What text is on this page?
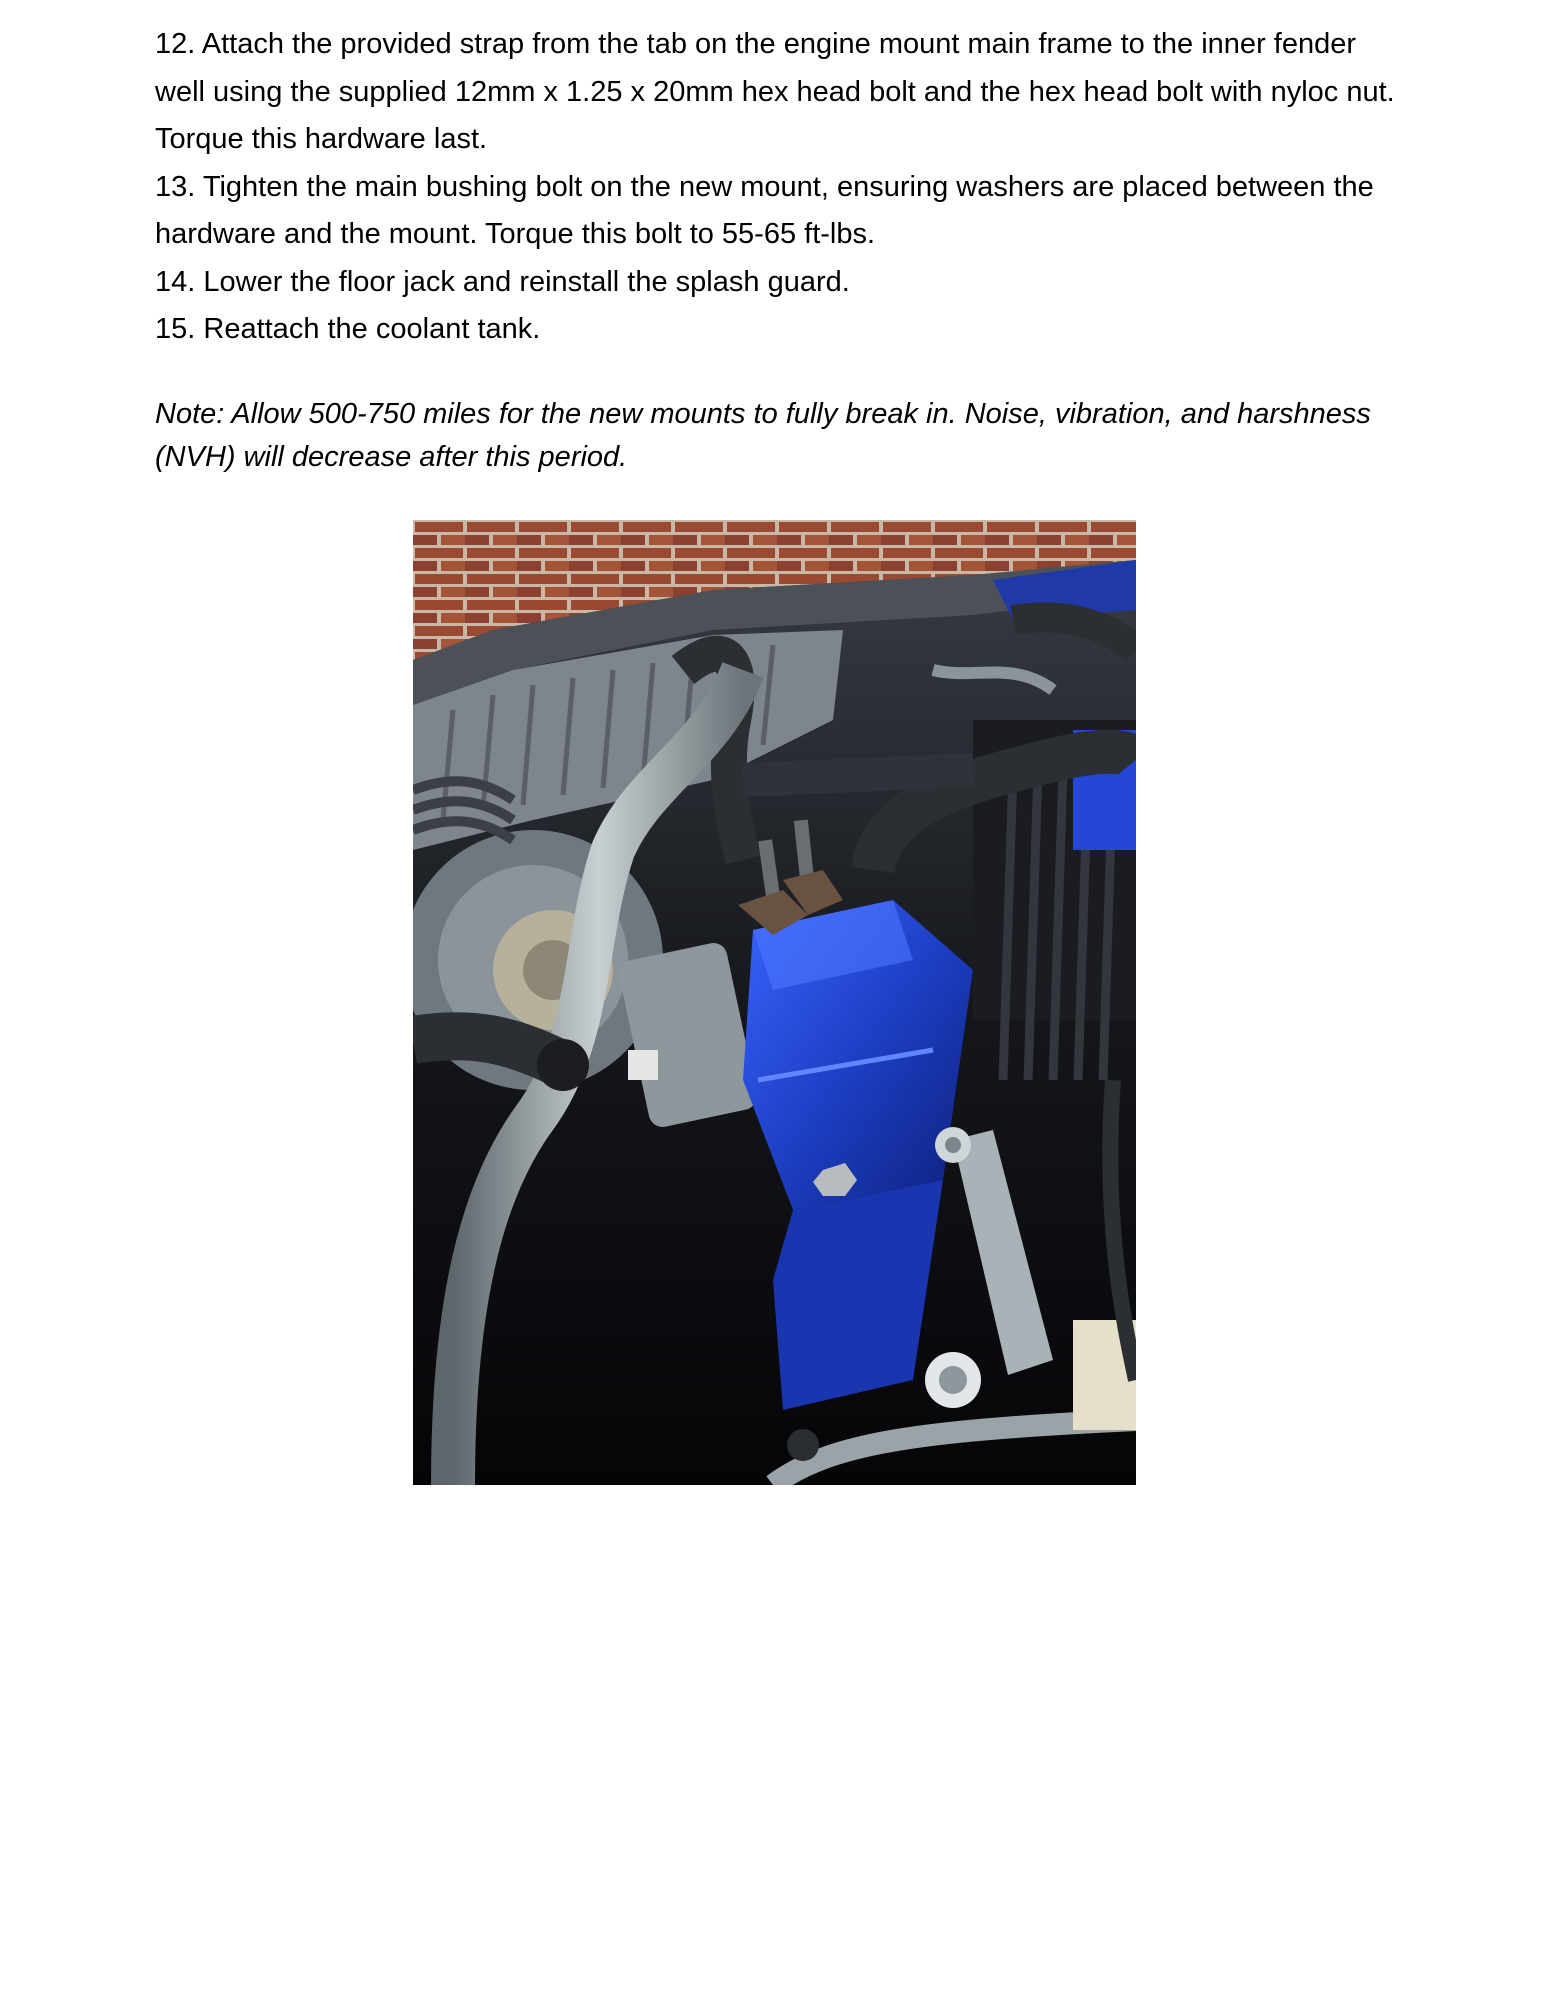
12. Attach the provided strap from the tab on the engine mount main frame to the inner fender well using the supplied 12mm x 1.25 x 20mm hex head bolt and the hex head bolt with nyloc nut. Torque this hardware last.
13. Tighten the main bushing bolt on the new mount, ensuring washers are placed between the hardware and the mount. Torque this bolt to 55-65 ft-lbs.
14. Lower the floor jack and reinstall the splash guard.
15. Reattach the coolant tank.

Note: Allow 500-750 miles for the new mounts to fully break in. Noise, vibration, and harshness (NVH) will decrease after this period.
